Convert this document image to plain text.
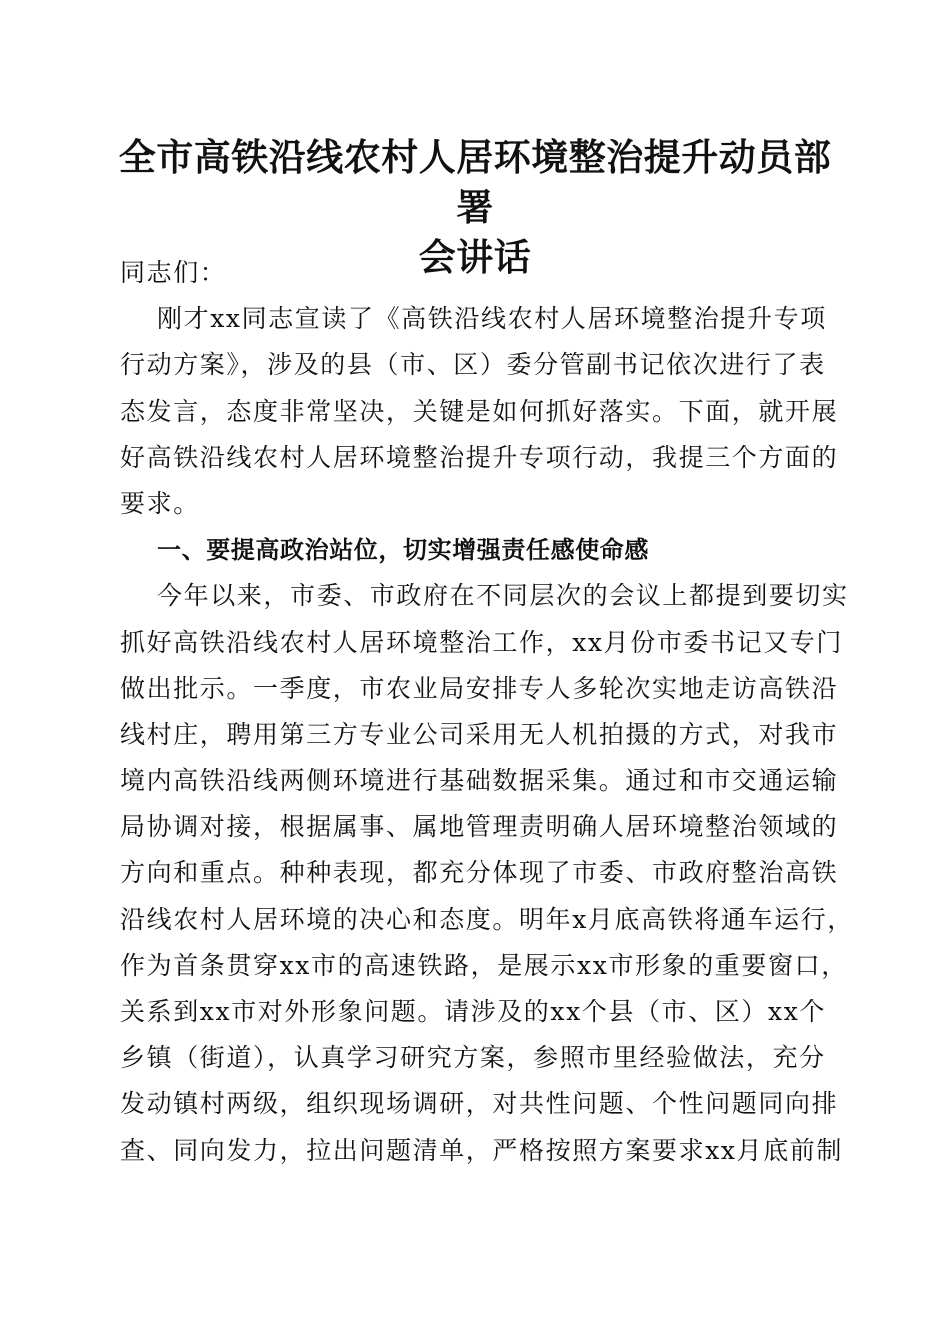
全市高铁沿线农村人居环境整治提升动员部署
会讲话
同志们：
刚才xx同志宣读了《高铁沿线农村人居环境整治提升专项
行动方案》，涉及的县（市、区）委分管副书记依次进行了表
态发言，态度非常坚决，关键是如何抓好落实。下面，就开展
好高铁沿线农村人居环境整治提升专项行动，我提三个方面的
要求。
一、要提高政治站位，切实增强责任感使命感
今年以来，市委、市政府在不同层次的会议上都提到要切实
抓好高铁沿线农村人居环境整治工作，xx月份市委书记又专门
做出批示。一季度，市农业局安排专人多轮次实地走访高铁沿
线村庄，聘用第三方专业公司采用无人机拍摄的方式，对我市
境内高铁沿线两侧环境进行基础数据采集。通过和市交通运输
局协调对接，根据属事、属地管理责明确人居环境整治领域的
方向和重点。种种表现，都充分体现了市委、市政府整治高铁
沿线农村人居环境的决心和态度。明年x月底高铁将通车运行，
作为首条贯穿xx市的高速铁路，是展示xx市形象的重要窗口，
关系到xx市对外形象问题。请涉及的xx个县（市、区）xx个
乡镇（街道），认真学习研究方案，参照市里经验做法，充分
发动镇村两级，组织现场调研，对共性问题、个性问题同向排
查、同向发力，拉出问题清单，严格按照方案要求xx月底前制
